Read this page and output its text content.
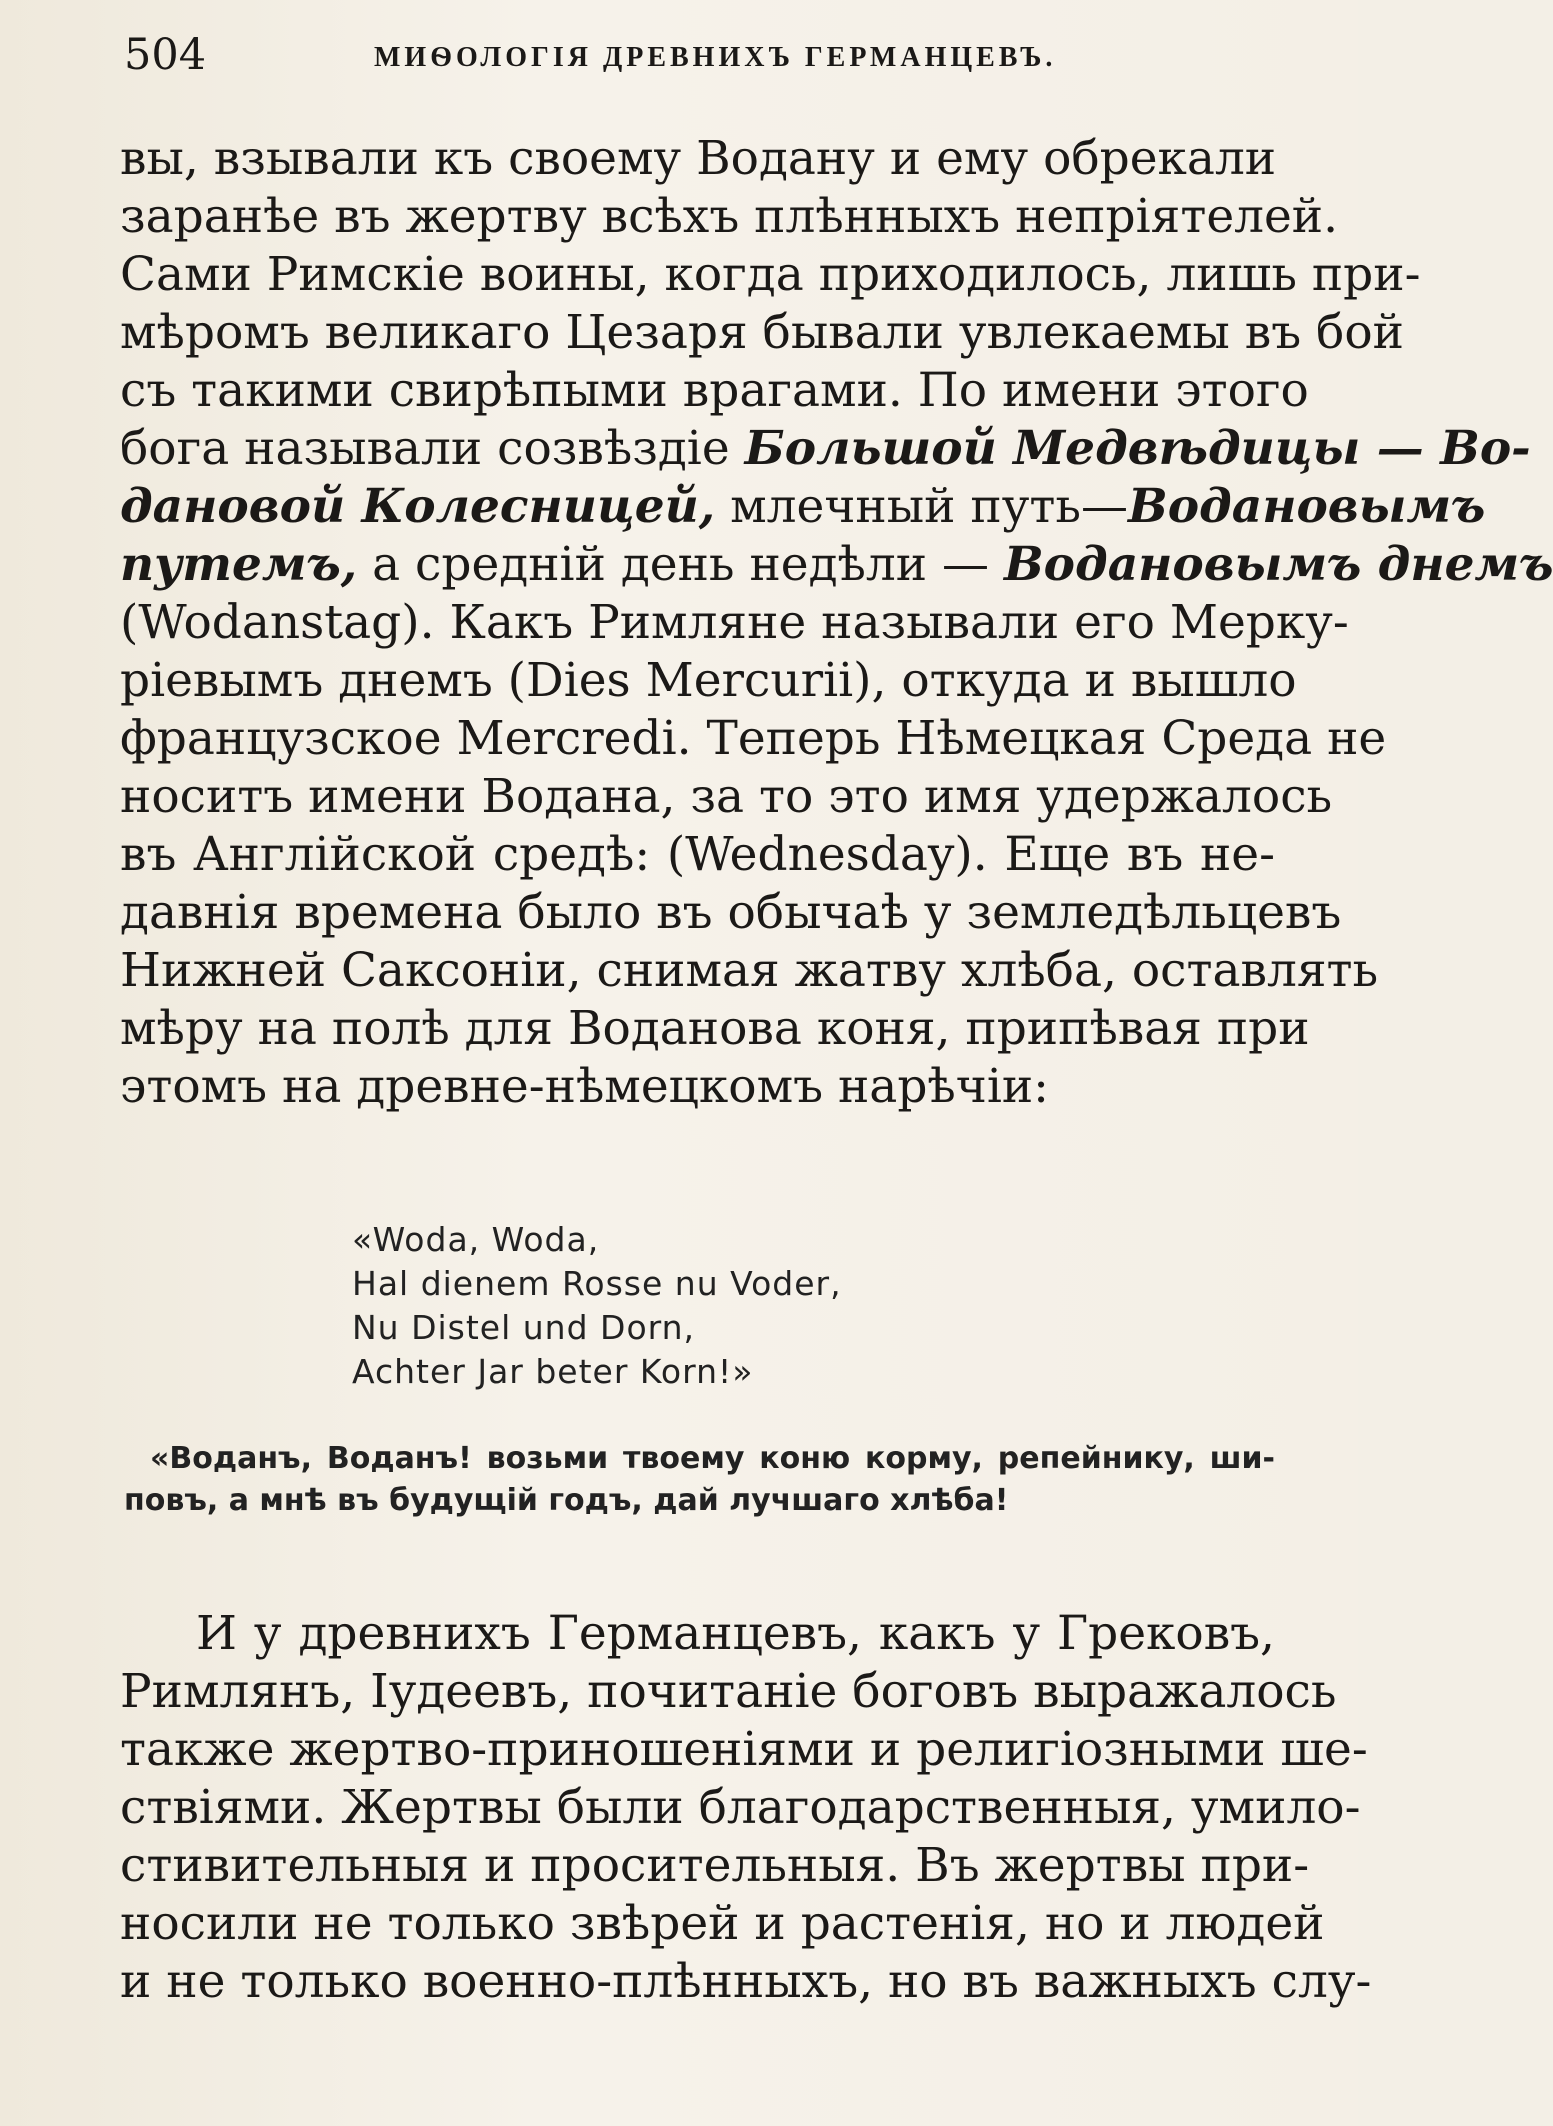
504	МИѲОЛОГІЯ ДРЕВНИХЪ ГЕРМАНЦЕВЪ.
вы, взывали къ своему Водану и ему обрекали
заранѣе въ жертву всѣхъ плѣнныхъ непріятелей.
Сами Римскіе воины, когда приходилось, лишь при-
мѣромъ великаго Цезаря бывали увлекаемы въ бой
съ такими свирѣпыми врагами. По имени этого
бога называли созвѣздіе Большой Медвѣдицы — Во-
дановой Колесницей, млечный путь—Водановымъ
путемъ, а средній день недѣли — Водановымъ днемъ
(Wodanstag). Какъ Римляне называли его Мерку-
ріевымъ днемъ (Dies Mercurii), откуда и вышло
французское Mercredi. Теперь Нѣмецкая Среда не
носитъ имени Водана, за то это имя удержалось
въ Англійской средѣ: (Wednesday). Еще въ не-
давнія времена было въ обычаѣ у земледѣльцевъ
Нижней Саксоніи, снимая жатву хлѣба, оставлять
мѣру на полѣ для Воданова коня, припѣвая при
этомъ на древне-нѣмецкомъ нарѣчіи:
«Woda, Woda,
Hal dienem Rosse nu Voder,
Nu Distel und Dorn,
Achter Jar beter Korn!»
«Воданъ, Воданъ! возьми твоему коню корму, репейнику, ши-
повъ, а мнѣ въ будущій годъ, дай лучшаго хлѣба!
И у древнихъ Германцевъ, какъ у Грековъ,
Римлянъ, Іудеевъ, почитаніе боговъ выражалось
также жертво-приношеніями и религіозными ше-
ствіями. Жертвы были благодарственныя, умило-
стивительныя и просительныя. Въ жертвы при-
носили не только звѣрей и растенія, но и людей
и не только военно-плѣнныхъ, но въ важныхъ слу-
